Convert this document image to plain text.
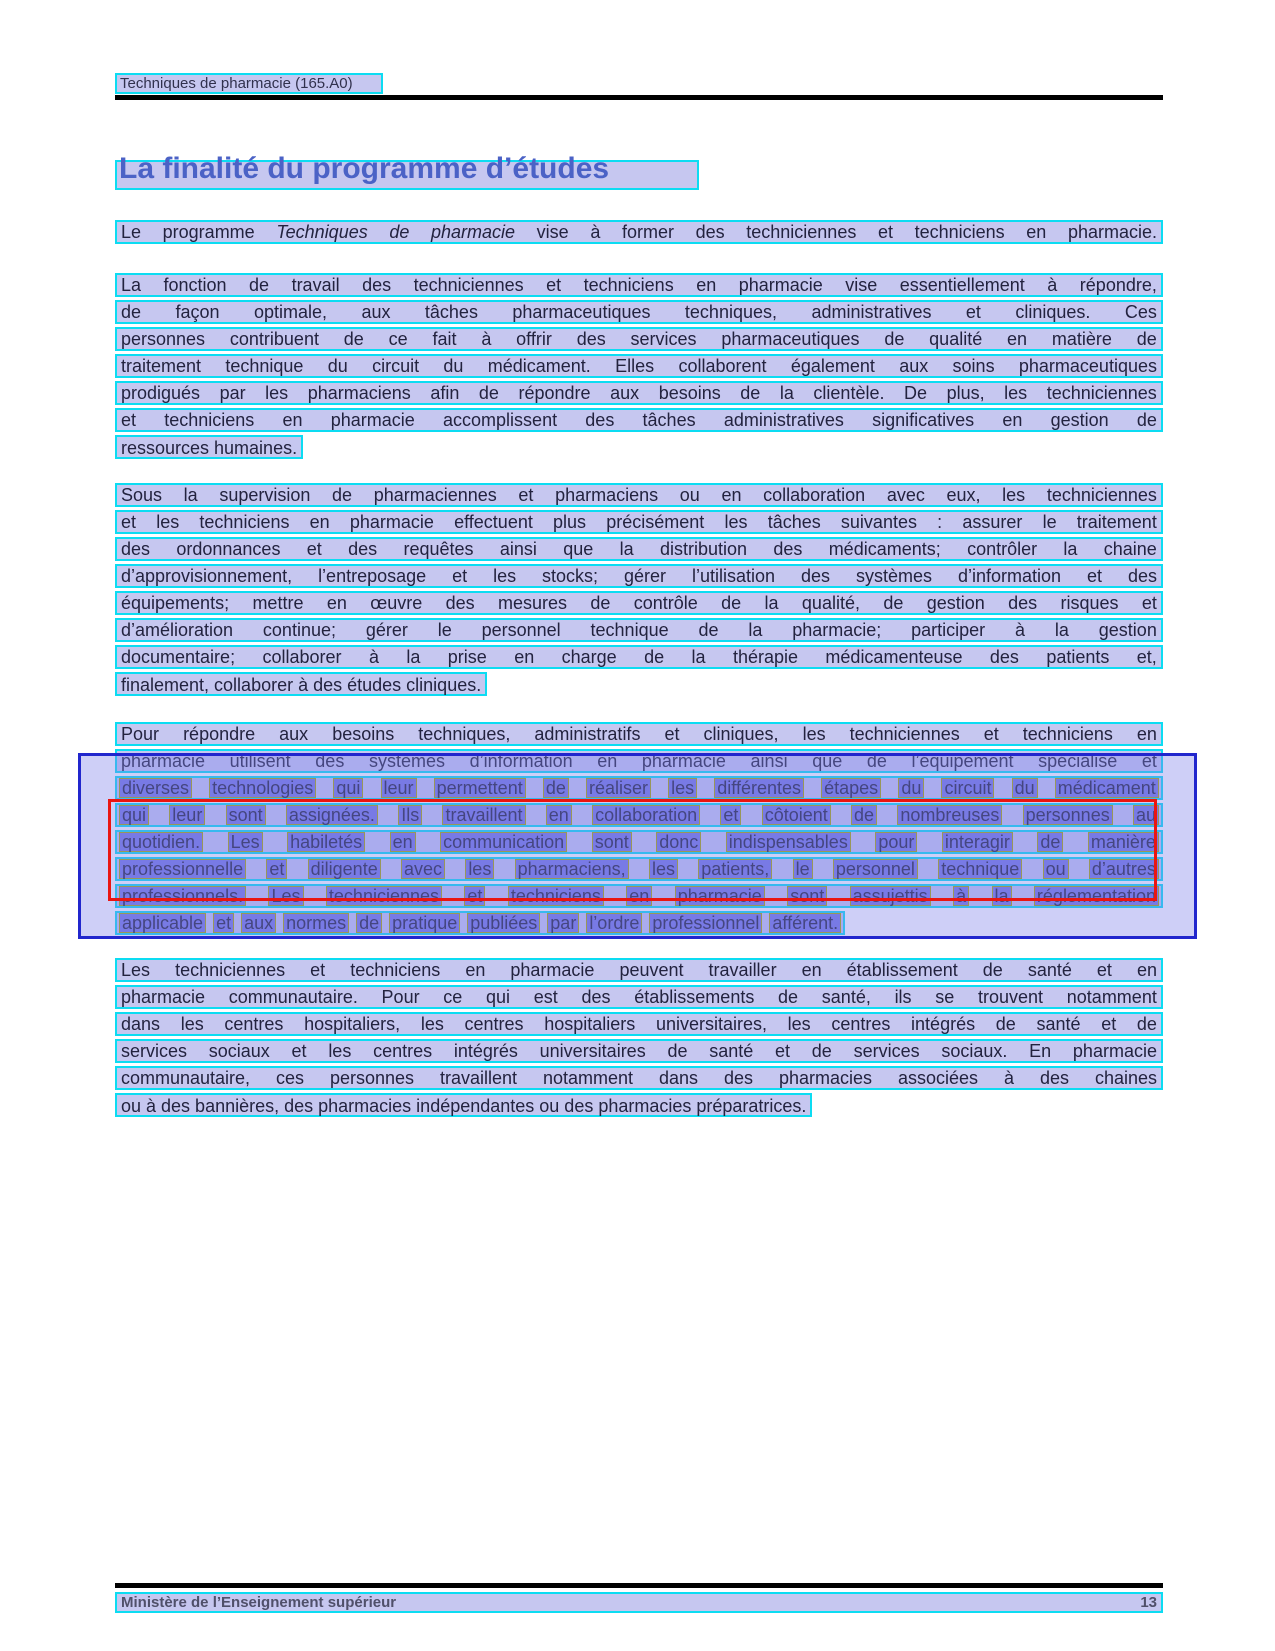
Techniques de pharmacie (165.A0)
La finalité du programme d’études
Le programme Techniques de pharmacie vise à former des techniciennes et techniciens en pharmacie.
La fonction de travail des techniciennes et techniciens en pharmacie vise essentiellement à répondre,
de façon optimale, aux tâches pharmaceutiques techniques, administratives et cliniques. Ces
personnes contribuent de ce fait à offrir des services pharmaceutiques de qualité en matière de
traitement technique du circuit du médicament. Elles collaborent également aux soins pharmaceutiques
prodigués par les pharmaciens afin de répondre aux besoins de la clientèle. De plus, les techniciennes
et techniciens en pharmacie accomplissent des tâches administratives significatives en gestion de
ressources humaines.
Sous la supervision de pharmaciennes et pharmaciens ou en collaboration avec eux, les techniciennes
et les techniciens en pharmacie effectuent plus précisément les tâches suivantes : assurer le traitement
des ordonnances et des requêtes ainsi que la distribution des médicaments; contrôler la chaine
d’approvisionnement, l’entreposage et les stocks; gérer l’utilisation des systèmes d’information et des
équipements; mettre en œuvre des mesures de contrôle de la qualité, de gestion des risques et
d’amélioration continue; gérer le personnel technique de la pharmacie; participer à la gestion
documentaire; collaborer à la prise en charge de la thérapie médicamenteuse des patients et,
finalement, collaborer à des études cliniques.
Pour répondre aux besoins techniques, administratifs et cliniques, les techniciennes et techniciens en
pharmacie utilisent des systèmes d’information en pharmacie ainsi que de l’équipement spécialisé et
diverses technologies qui leur permettent de réaliser les différentes étapes du circuit du médicament
qui leur sont assignées. Ils travaillent en collaboration et côtoient de nombreuses personnes au
quotidien. Les habiletés en communication sont donc indispensables pour interagir de manière
professionnelle et diligente avec les pharmaciens, les patients, le personnel technique ou d’autres
professionnels. Les techniciennes et techniciens en pharmacie sont assujettis à la réglementation
applicable et aux normes de pratique publiées par l’ordre professionnel afférent.
Les techniciennes et techniciens en pharmacie peuvent travailler en établissement de santé et en
pharmacie communautaire. Pour ce qui est des établissements de santé, ils se trouvent notamment
dans les centres hospitaliers, les centres hospitaliers universitaires, les centres intégrés de santé et de
services sociaux et les centres intégrés universitaires de santé et de services sociaux. En pharmacie
communautaire, ces personnes travaillent notamment dans des pharmacies associées à des chaines
ou à des bannières, des pharmacies indépendantes ou des pharmacies préparatrices.
Ministère de l’Enseignement supérieur	13
